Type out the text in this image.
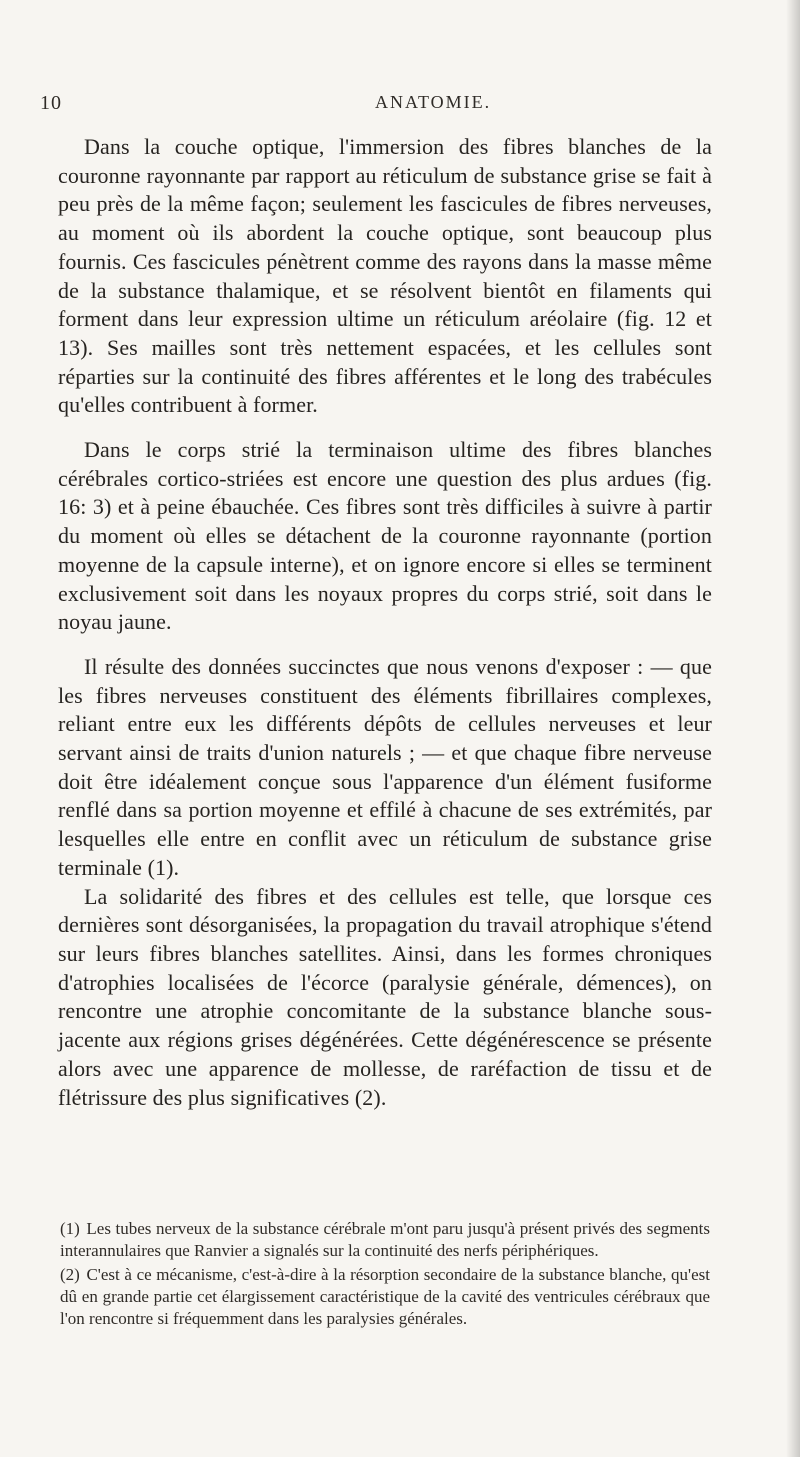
10	ANATOMIE.

Dans la couche optique, l'immersion des fibres blanches de la couronne rayonnante par rapport au réticulum de substance grise se fait à peu près de la même façon; seulement les fascicules de fibres nerveuses, au moment où ils abordent la couche optique, sont beaucoup plus fournis. Ces fascicules pénètrent comme des rayons dans la masse même de la substance thalamique, et se résolvent bientôt en filaments qui forment dans leur expression ultime un réticulum aréolaire (fig. 12 et 13). Ses mailles sont très nettement espacées, et les cellules sont réparties sur la continuité des fibres afférentes et le long des trabécules qu'elles contribuent à former.

Dans le corps strié la terminaison ultime des fibres blanches cérébrales cortico-striées est encore une question des plus ardues (fig. 16: 3) et à peine ébauchée. Ces fibres sont très difficiles à suivre à partir du moment où elles se détachent de la couronne rayonnante (portion moyenne de la capsule interne), et on ignore encore si elles se terminent exclusivement soit dans les noyaux propres du corps strié, soit dans le noyau jaune.

Il résulte des données succinctes que nous venons d'exposer : — que les fibres nerveuses constituent des éléments fibrillaires complexes, reliant entre eux les différents dépôts de cellules nerveuses et leur servant ainsi de traits d'union naturels ; — et que chaque fibre nerveuse doit être idéalement conçue sous l'apparence d'un élément fusiforme renflé dans sa portion moyenne et effilé à chacune de ses extrémités, par lesquelles elle entre en conflit avec un réticulum de substance grise terminale (1).

La solidarité des fibres et des cellules est telle, que lorsque ces dernières sont désorganisées, la propagation du travail atrophique s'étend sur leurs fibres blanches satellites. Ainsi, dans les formes chroniques d'atrophies localisées de l'écorce (paralysie générale, démences), on rencontre une atrophie concomitante de la substance blanche sous-jacente aux régions grises dégénérées. Cette dégénérescence se présente alors avec une apparence de mollesse, de raréfaction de tissu et de flétrissure des plus significatives (2).

(1) Les tubes nerveux de la substance cérébrale m'ont paru jusqu'à présent privés des segments interannulaires que Ranvier a signalés sur la continuité des nerfs périphériques.

(2) C'est à ce mécanisme, c'est-à-dire à la résorption secondaire de la substance blanche, qu'est dû en grande partie cet élargissement caractéristique de la cavité des ventricules cérébraux que l'on rencontre si fréquemment dans les paralysies générales.
